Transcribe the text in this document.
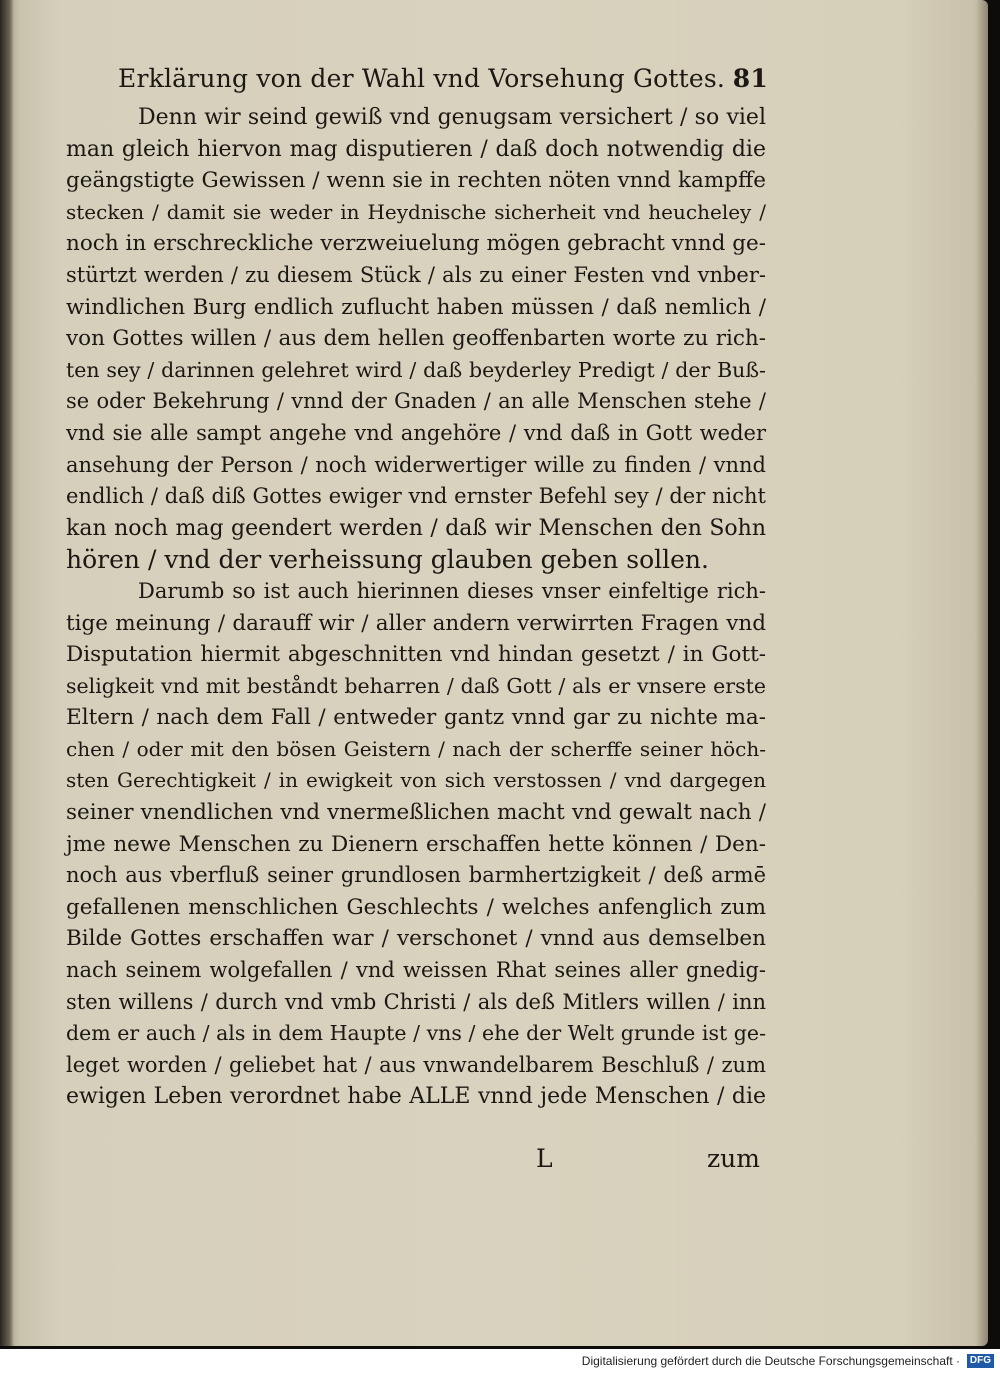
Erklärung von der Wahl vnd Vorsehung Gottes. 81
Denn wir seind gewiß vnd genugsam versichert / so viel
man gleich hiervon mag disputieren / daß doch notwendig die
geängstigte Gewissen / wenn sie in rechten nöten vnnd kampffe
stecken / damit sie weder in Heydnische sicherheit vnd heucheley /
noch in erschreckliche verzweiuelung mögen gebracht vnnd ge-
stürtzt werden / zu diesem Stück / als zu einer Festen vnd vnber-
windlichen Burg endlich zuflucht haben müssen / daß nemlich /
von Gottes willen / aus dem hellen geoffenbarten worte zu rich-
ten sey / darinnen gelehret wird / daß beyderley Predigt / der Buß-
se oder Bekehrung / vnnd der Gnaden / an alle Menschen stehe /
vnd sie alle sampt angehe vnd angehöre / vnd daß in Gott weder
ansehung der Person / noch widerwertiger wille zu finden / vnnd
endlich / daß diß Gottes ewiger vnd ernster Befehl sey / der nicht
kan noch mag geendert werden / daß wir Menschen den Sohn
hören / vnd der verheissung glauben geben sollen.
Darumb so ist auch hierinnen dieses vnser einfeltige rich-
tige meinung / darauff wir / aller andern verwirrten Fragen vnd
Disputation hiermit abgeschnitten vnd hindan gesetzt / in Gott-
seligkeit vnd mit beståndt beharren / daß Gott / als er vnsere erste
Eltern / nach dem Fall / entweder gantz vnnd gar zu nichte ma-
chen / oder mit den bösen Geistern / nach der scherffe seiner höch-
sten Gerechtigkeit / in ewigkeit von sich verstossen / vnd dargegen
seiner vnendlichen vnd vnermeßlichen macht vnd gewalt nach /
jme newe Menschen zu Dienern erschaffen hette können / Den-
noch aus vberfluß seiner grundlosen barmhertzigkeit / deß armē
gefallenen menschlichen Geschlechts / welches anfenglich zum
Bilde Gottes erschaffen war / verschonet / vnnd aus demselben
nach seinem wolgefallen / vnd weissen Rhat seines aller gnedig-
sten willens / durch vnd vmb Christi / als deß Mitlers willen / inn
dem er auch / als in dem Haupte / vns / ehe der Welt grunde ist ge-
leget worden / geliebet hat / aus vnwandelbarem Beschluß / zum
ewigen Leben verordnet habe ALLE vnnd jede Menschen / die
L	zum
Digitalisierung gefördert durch die Deutsche Forschungsgemeinschaft · DFG
